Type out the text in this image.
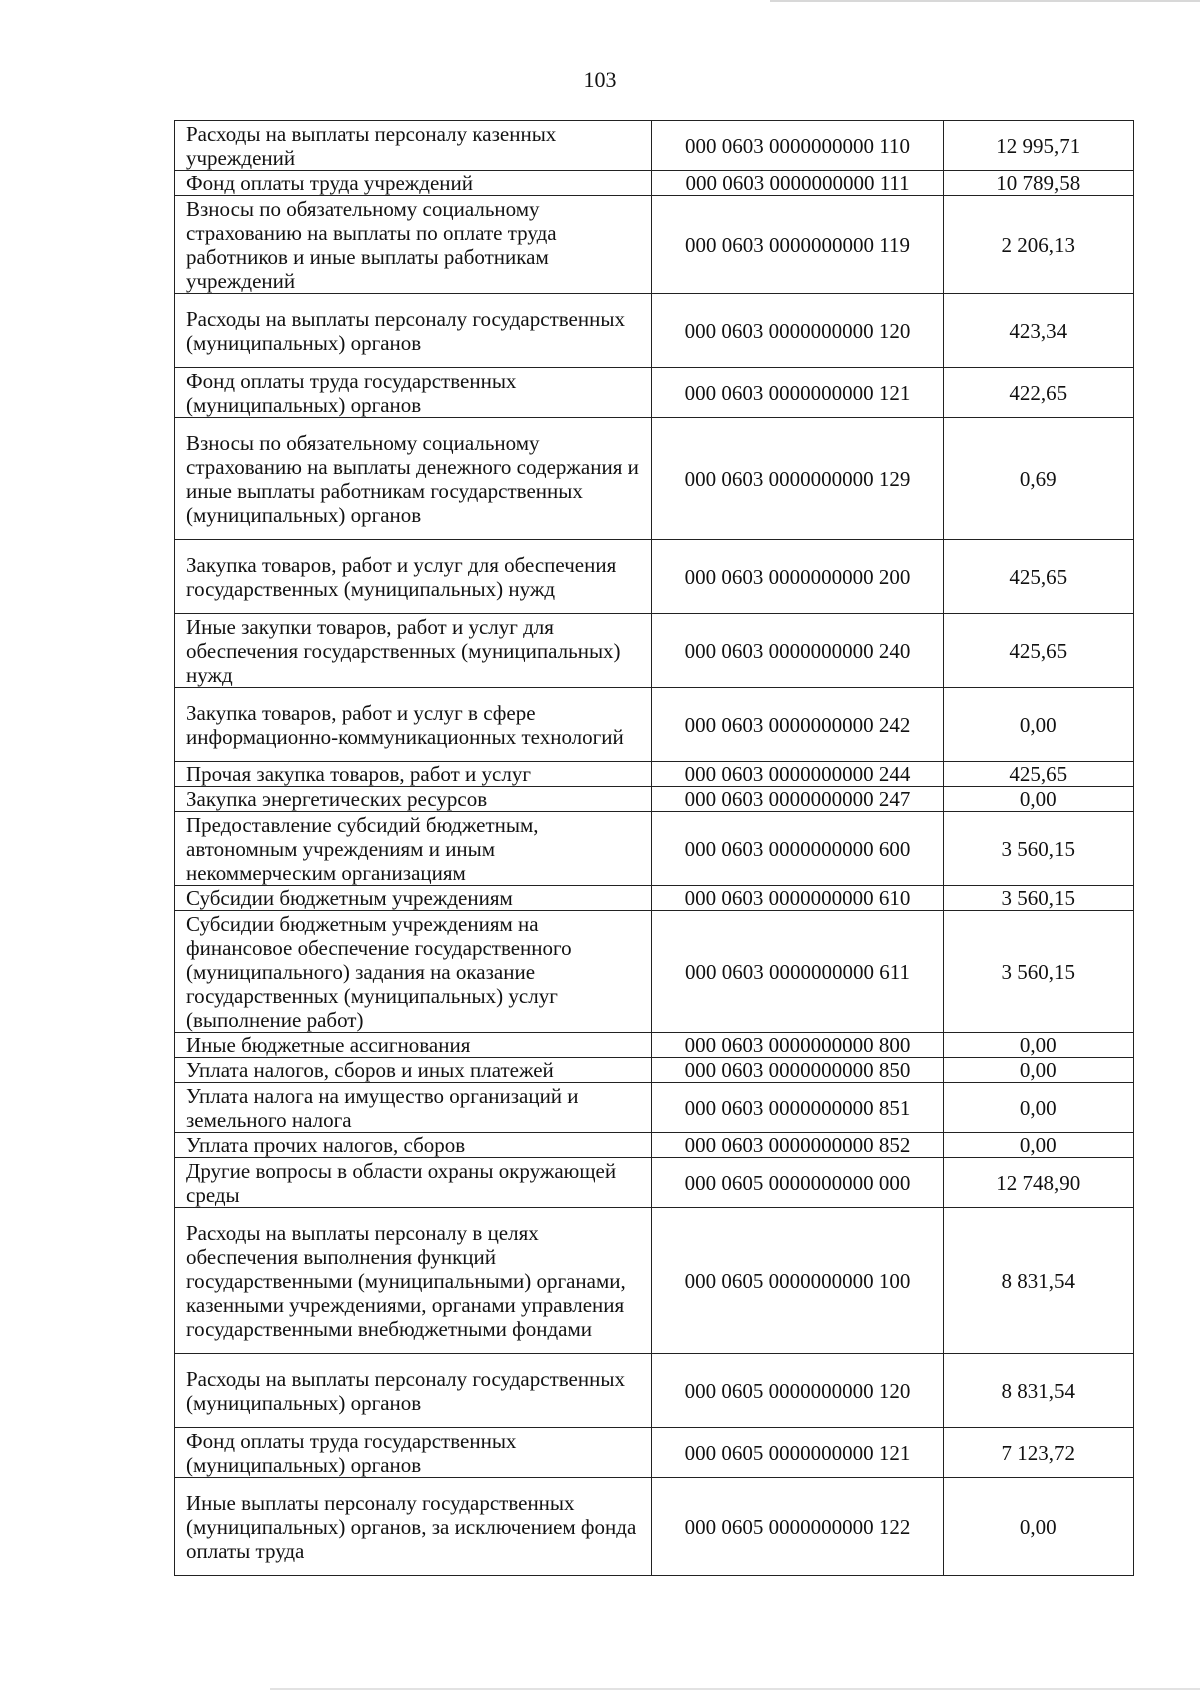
103
Расходы на выплаты персоналу казенных учреждений	000 0603 0000000000 110	12 995,71
Фонд оплаты труда учреждений	000 0603 0000000000 111	10 789,58
Взносы по обязательному социальному страхованию на выплаты по оплате труда работников и иные выплаты работникам учреждений	000 0603 0000000000 119	2 206,13
Расходы на выплаты персоналу государственных (муниципальных) органов	000 0603 0000000000 120	423,34
Фонд оплаты труда государственных (муниципальных) органов	000 0603 0000000000 121	422,65
Взносы по обязательному социальному страхованию на выплаты денежного содержания и иные выплаты работникам государственных (муниципальных) органов	000 0603 0000000000 129	0,69
Закупка товаров, работ и услуг для обеспечения государственных (муниципальных) нужд	000 0603 0000000000 200	425,65
Иные закупки товаров, работ и услуг для обеспечения государственных (муниципальных) нужд	000 0603 0000000000 240	425,65
Закупка товаров, работ и услуг в сфере информационно-коммуникационных технологий	000 0603 0000000000 242	0,00
Прочая закупка товаров, работ и услуг	000 0603 0000000000 244	425,65
Закупка энергетических ресурсов	000 0603 0000000000 247	0,00
Предоставление субсидий бюджетным, автономным учреждениям и иным некоммерческим организациям	000 0603 0000000000 600	3 560,15
Субсидии бюджетным учреждениям	000 0603 0000000000 610	3 560,15
Субсидии бюджетным учреждениям на финансовое обеспечение государственного (муниципального) задания на оказание государственных (муниципальных) услуг (выполнение работ)	000 0603 0000000000 611	3 560,15
Иные бюджетные ассигнования	000 0603 0000000000 800	0,00
Уплата налогов, сборов и иных платежей	000 0603 0000000000 850	0,00
Уплата налога на имущество организаций и земельного налога	000 0603 0000000000 851	0,00
Уплата прочих налогов, сборов	000 0603 0000000000 852	0,00
Другие вопросы в области охраны окружающей среды	000 0605 0000000000 000	12 748,90
Расходы на выплаты персоналу в целях обеспечения выполнения функций государственными (муниципальными) органами, казенными учреждениями, органами управления государственными внебюджетными фондами	000 0605 0000000000 100	8 831,54
Расходы на выплаты персоналу государственных (муниципальных) органов	000 0605 0000000000 120	8 831,54
Фонд оплаты труда государственных (муниципальных) органов	000 0605 0000000000 121	7 123,72
Иные выплаты персоналу государственных (муниципальных) органов, за исключением фонда оплаты труда	000 0605 0000000000 122	0,00
